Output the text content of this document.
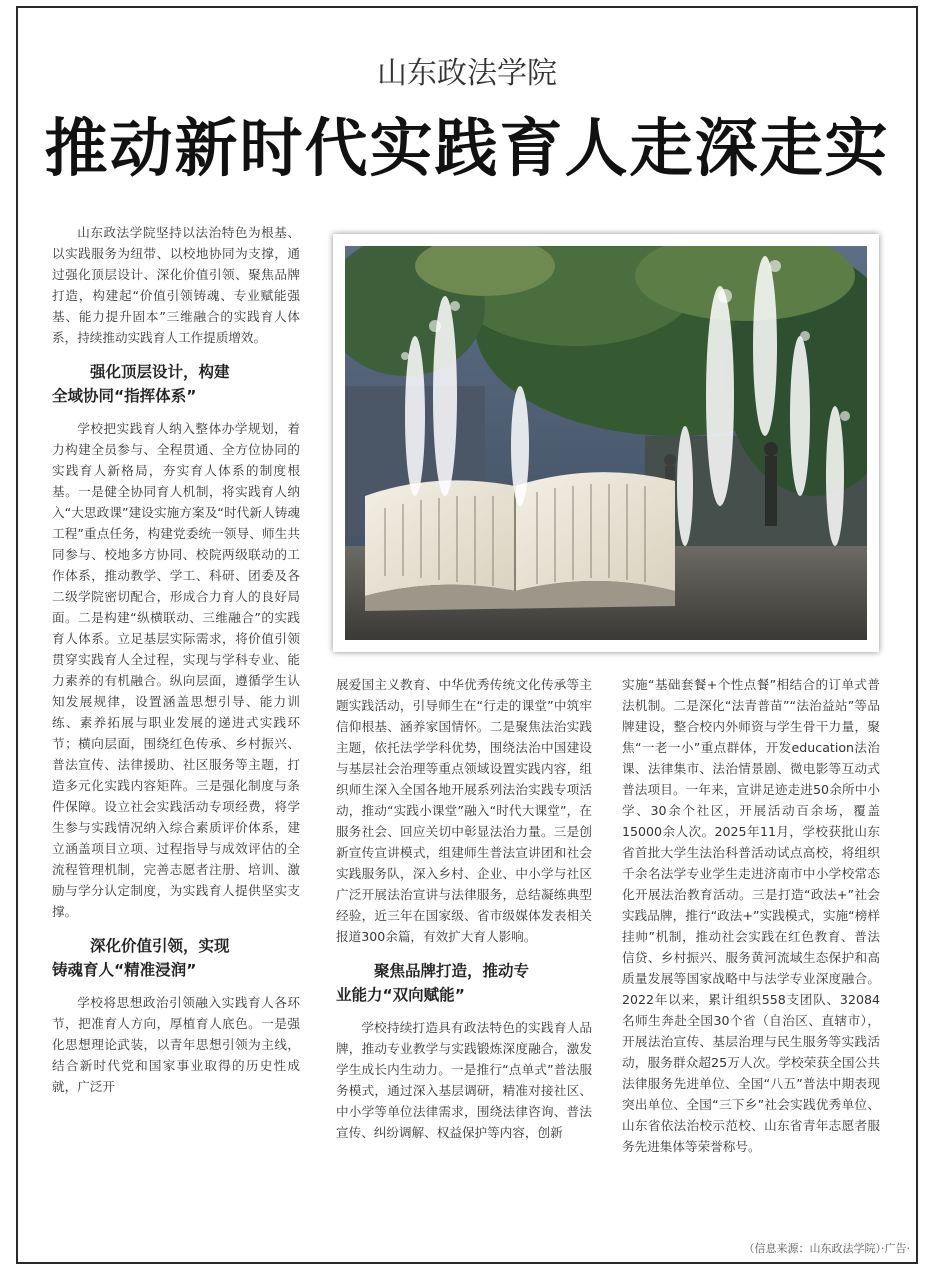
山东政法学院
推动新时代实践育人走深走实

山东政法学院坚持以法治特色为根基、以实践服务为纽带、以校地协同为支撑，通过强化顶层设计、深化价值引领、聚焦品牌打造，构建起“价值引领铸魂、专业赋能强基、能力提升固本”三维融合的实践育人体系，持续推动实践育人工作提质增效。

强化顶层设计，构建
全域协同“指挥体系”

学校把实践育人纳入整体办学规划，着力构建全员参与、全程贯通、全方位协同的实践育人新格局，夯实育人体系的制度根基。一是健全协同育人机制，将实践育人纳入“大思政课”建设实施方案及“时代新人铸魂工程”重点任务，构建党委统一领导、师生共同参与、校地多方协同、校院两级联动的工作体系，推动教学、学工、科研、团委及各二级学院密切配合，形成合力育人的良好局面。二是构建“纵横联动、三维融合”的实践育人体系。立足基层实际需求，将价值引领贯穿实践育人全过程，实现与学科专业、能力素养的有机融合。纵向层面，遵循学生认知发展规律，设置涵盖思想引导、能力训练、素养拓展与职业发展的递进式实践环节；横向层面，围绕红色传承、乡村振兴、普法宣传、法律援助、社区服务等主题，打造多元化实践内容矩阵。三是强化制度与条件保障。设立社会实践活动专项经费，将学生参与实践情况纳入综合素质评价体系，建立涵盖项目立项、过程指导与成效评估的全流程管理机制，完善志愿者注册、培训、激励与学分认定制度，为实践育人提供坚实支撑。

深化价值引领，实现
铸魂育人“精准浸润”

学校将思想政治引领融入实践育人各环节，把准育人方向，厚植育人底色。一是强化思想理论武装，以青年思想引领为主线，结合新时代党和国家事业取得的历史性成就，广泛开

展爱国主义教育、中华优秀传统文化传承等主题实践活动，引导师生在“行走的课堂”中筑牢信仰根基、涵养家国情怀。二是聚焦法治实践主题，依托法学学科优势，围绕法治中国建设与基层社会治理等重点领域设置实践内容，组织师生深入全国各地开展系列法治实践专项活动，推动“实践小课堂”融入“时代大课堂”，在服务社会、回应关切中彰显法治力量。三是创新宣传宣讲模式，组建师生普法宣讲团和社会实践服务队，深入乡村、企业、中小学与社区广泛开展法治宣讲与法律服务，总结凝练典型经验，近三年在国家级、省市级媒体发表相关报道300余篇，有效扩大育人影响。

聚焦品牌打造，推动专
业能力“双向赋能”

学校持续打造具有政法特色的实践育人品牌，推动专业教学与实践锻炼深度融合，激发学生成长内生动力。一是推行“点单式”普法服务模式，通过深入基层调研，精准对接社区、中小学等单位法律需求，围绕法律咨询、普法宣传、纠纷调解、权益保护等内容，创新

实施“基础套餐+个性点餐”相结合的订单式普法机制。二是深化“法青普苗”“法治益站”等品牌建设，整合校内外师资与学生骨干力量，聚焦“一老一小”重点群体，开发education法治课、法律集市、法治情景剧、微电影等互动式普法项目。一年来，宣讲足迹走进50余所中小学、30余个社区，开展活动百余场，覆盖15000余人次。2025年11月，学校获批山东省首批大学生法治科普活动试点高校，将组织千余名法学专业学生走进济南市中小学校常态化开展法治教育活动。三是打造“政法+”社会实践品牌，推行“政法+”实践模式，实施“榜样挂帅”机制，推动社会实践在红色教育、普法信贷、乡村振兴、服务黄河流域生态保护和高质量发展等国家战略中与法学专业深度融合。2022年以来，累计组织558支团队、32084名师生奔赴全国30个省（自治区、直辖市），开展法治宣传、基层治理与民生服务等实践活动，服务群众超25万人次。学校荣获全国公共法律服务先进单位、全国“八五”普法中期表现突出单位、全国“三下乡”社会实践优秀单位、山东省依法治校示范校、山东省青年志愿者服务先进集体等荣誉称号。

（信息来源：山东政法学院）·广告·
